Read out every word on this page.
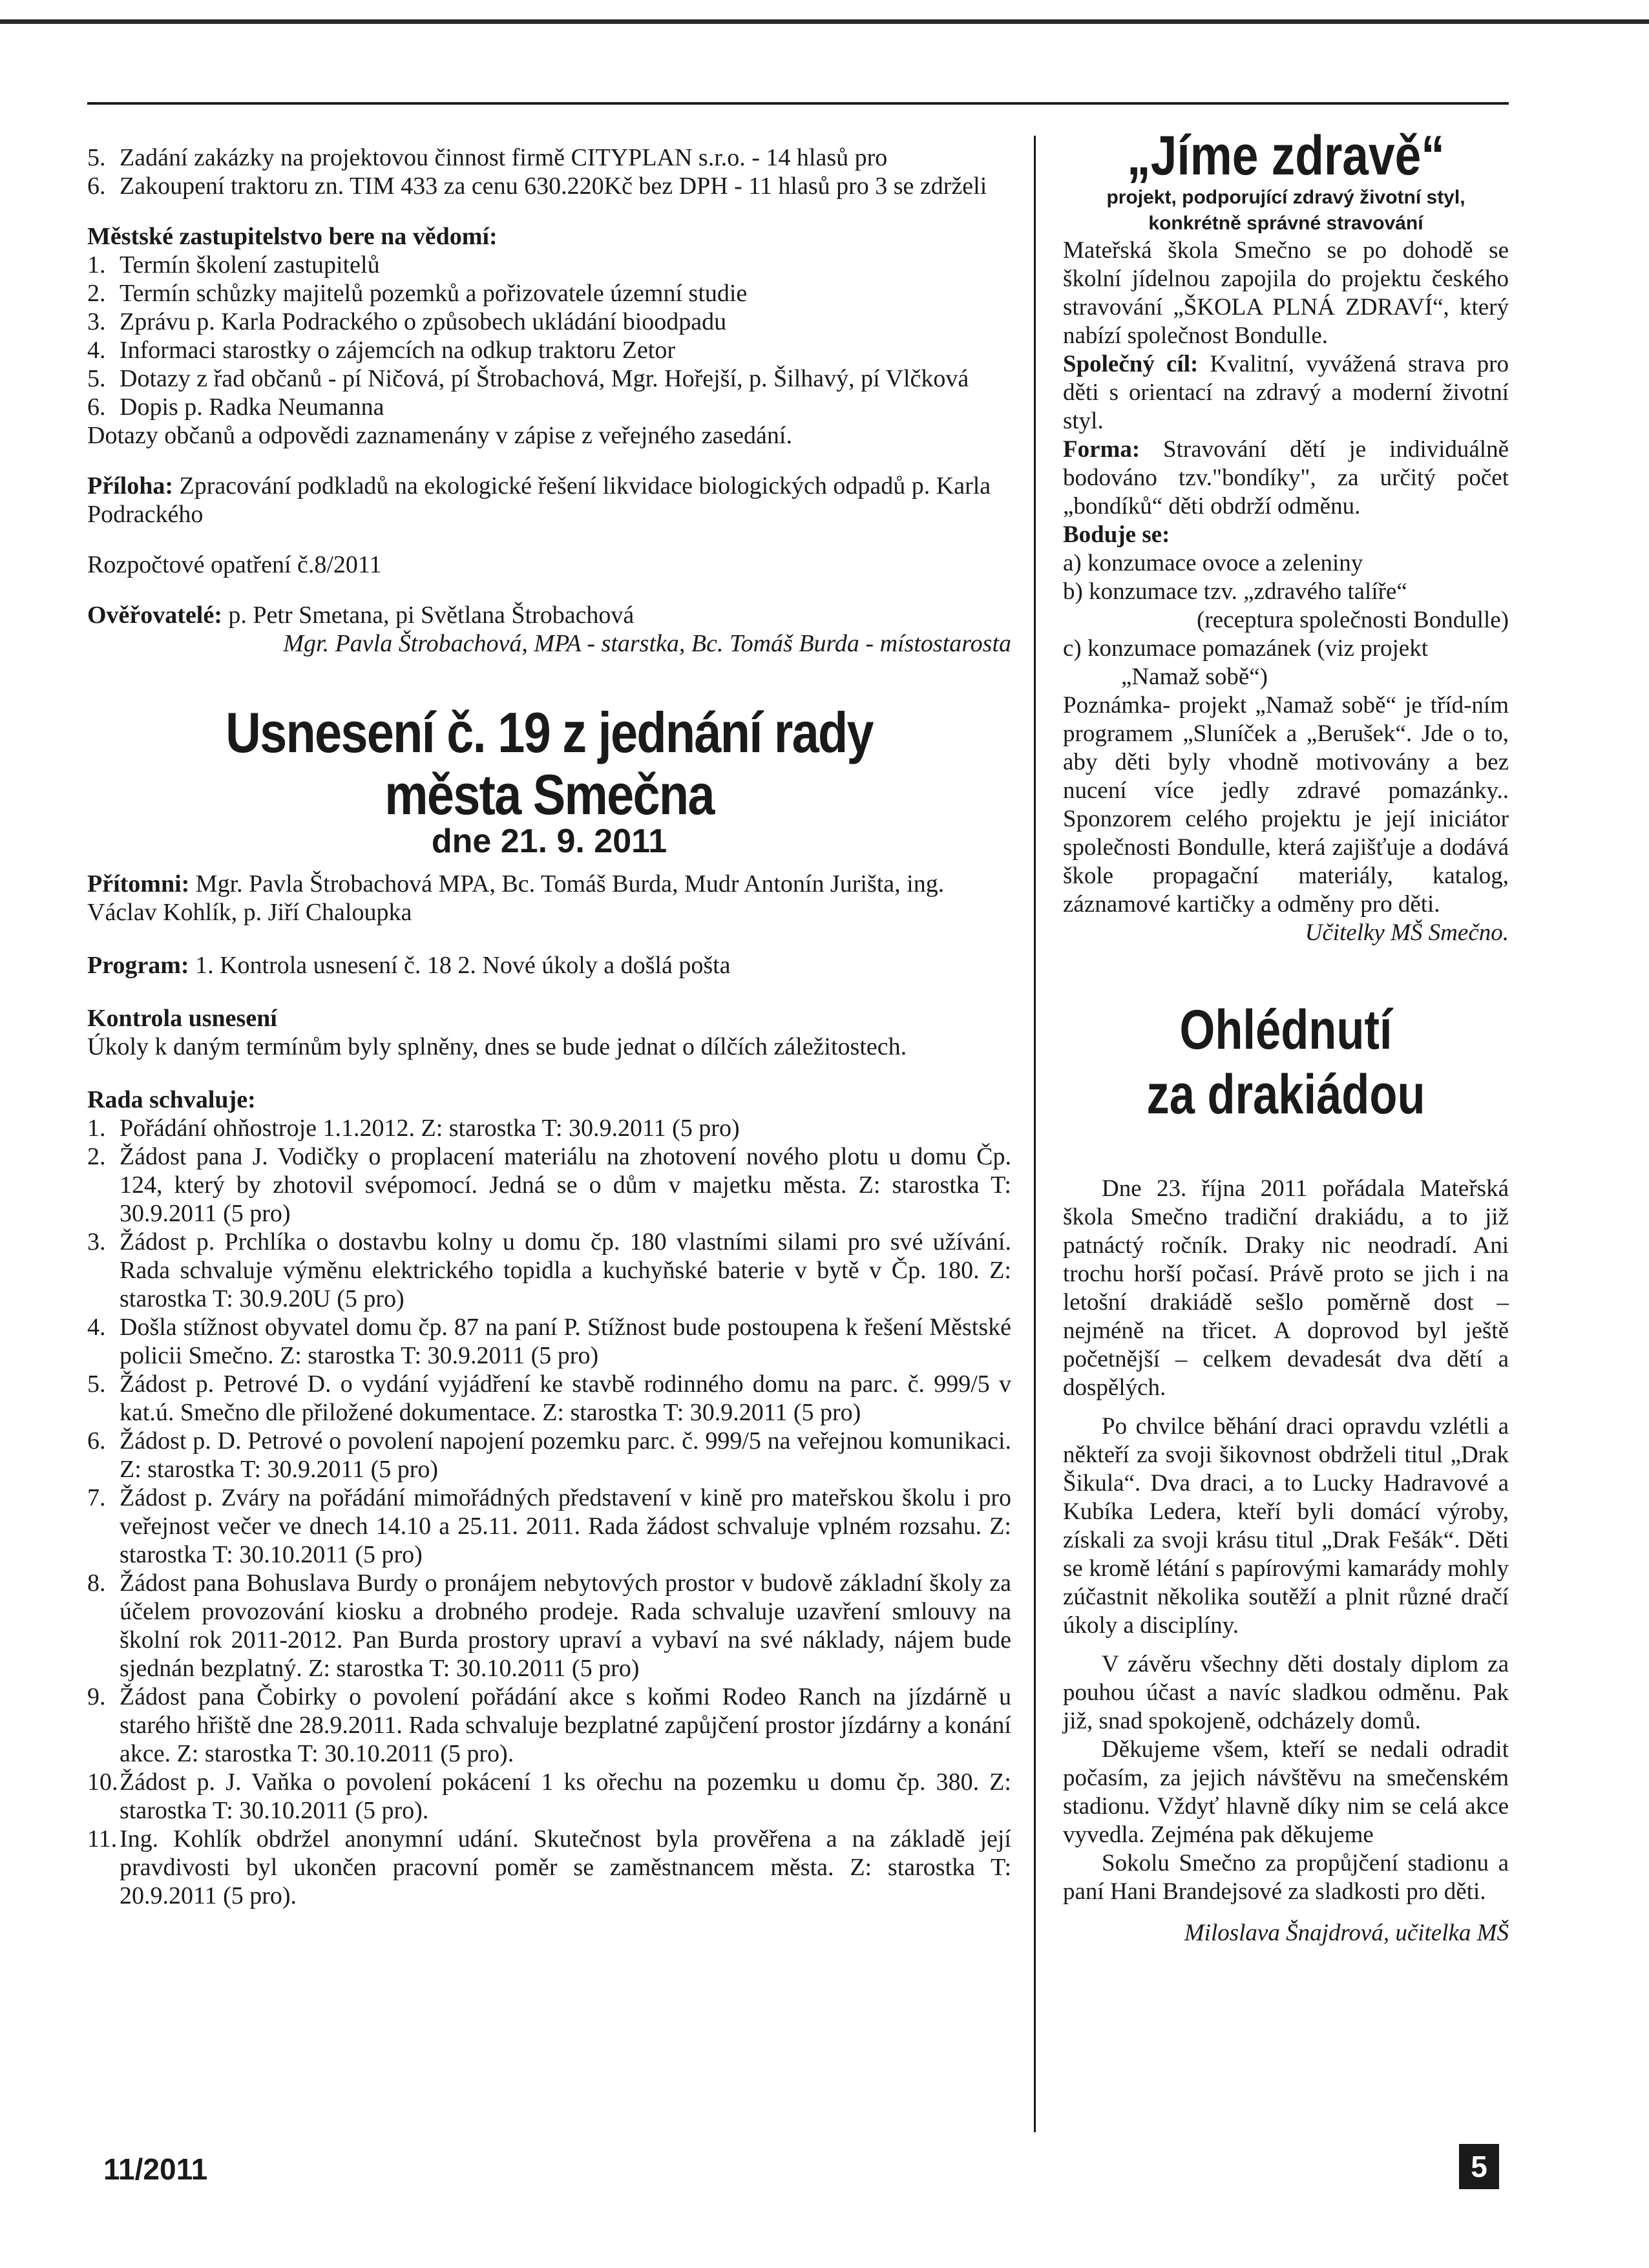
5. Zadání zakázky na projektovou činnost firmě CITYPLAN s.r.o. - 14 hlasů pro
6. Zakoupení traktoru zn. TIM 433 za cenu 630.220Kč bez DPH - 11 hlasů pro 3 se zdrželi

Městské zastupitelstvo bere na vědomí:

1. Termín školení zastupitelů
2. Termín schůzky majitelů pozemků a pořizovatele územní studie
3. Zprávu p. Karla Podrackého o způsobech ukládání bioodpadu
4. Informaci starostky o zájemcích na odkup traktoru Zetor
5. Dotazy z řad občanů - pí Ničová, pí Štrobachová, Mgr. Hořejší, p. Šilhavý, pí Vlčková
6. Dopis p. Radka Neumanna

Dotazy občanů a odpovědi zaznamenány v zápise z veřejného zasedání.

Příloha: Zpracování podkladů na ekologické řešení likvidace biologických odpadů p. Karla Podrackého

Rozpočtové opatření č.8/2011

Ověřovatelé: p. Petr Smetana, pi Světlana Štrobachová

Mgr. Pavla Štrobachová, MPA - starstka, Bc. Tomáš Burda - místostarosta

Usnesení č. 19 z jednání rady města Smečna
dne 21. 9. 2011

Přítomni: Mgr. Pavla Štrobachová MPA, Bc. Tomáš Burda, Mudr Antonín Jurišta, ing. Václav Kohlík, p. Jiří Chaloupka

Program: 1. Kontrola usnesení č. 18 2. Nové úkoly a došlá pošta

Kontrola usnesení

Úkoly k daným termínům byly splněny, dnes se bude jednat o dílčích záležitostech.

Rada schvaluje:

1. Pořádání ohňostroje 1.1.2012. Z: starostka T: 30.9.2011 (5 pro)
2. Žádost pana J. Vodičky o proplacení materiálu na zhotovení nového plotu u domu Čp. 124, který by zhotovil svépomocí. Jedná se o dům v majetku města. Z: starostka T: 30.9.2011 (5 pro)
3. Žádost p. Prchlíka o dostavbu kolny u domu čp. 180 vlastními silami pro své užívání. Rada schvaluje výměnu elektrického topidla a kuchyňské baterie v bytě v Čp. 180. Z: starostka T: 30.9.20U (5 pro)
4. Došla stížnost obyvatel domu čp. 87 na paní P. Stížnost bude postoupena k řešení Městské policii Smečno. Z: starostka T: 30.9.2011 (5 pro)
5. Žádost p. Petrové D. o vydání vyjádření ke stavbě rodinného domu na parc. č. 999/5 v kat.ú. Smečno dle přiložené dokumentace. Z: starostka T: 30.9.2011 (5 pro)
6. Žádost p. D. Petrové o povolení napojení pozemku parc. č. 999/5 na veřejnou komunikaci. Z: starostka T: 30.9.2011 (5 pro)
7. Žádost p. Zváry na pořádání mimořádných představení v kině pro mateřskou školu i pro veřejnost večer ve dnech 14.10 a 25.11. 2011. Rada žádost schvaluje vplném rozsahu. Z: starostka T: 30.10.2011 (5 pro)
8. Žádost pana Bohuslava Burdy o pronájem nebytových prostor v budově základní školy za účelem provozování kiosku a drobného prodeje. Rada schvaluje uzavření smlouvy na školní rok 2011-2012. Pan Burda prostory upraví a vybaví na své náklady, nájem bude sjednán bezplatný. Z: starostka T: 30.10.2011 (5 pro)
9. Žádost pana Čobirky o povolení pořádání akce s koňmi Rodeo Ranch na jízdárně u starého hřiště dne 28.9.2011. Rada schvaluje bezplatné zapůjčení prostor jízdárny a konání akce. Z: starostka T: 30.10.2011 (5 pro).
10. Žádost p. J. Vaňka o povolení pokácení 1 ks ořechu na pozemku u domu čp. 380. Z: starostka T: 30.10.2011 (5 pro).
11. Ing. Kohlík obdržel anonymní udání. Skutečnost byla prověřena a na základě její pravdivosti byl ukončen pracovní poměr se zaměstnancem města. Z: starostka T: 20.9.2011 (5 pro).
„Jíme zdravě“
projekt, podporující zdravý životní styl, konkrétně správné stravování

Mateřská škola Smečno se po dohodě se školní jídelnou zapojila do projektu českého stravování „ŠKOLA PLNÁ ZDRAVÍ“, který nabízí společnost Bondulle.

Společný cíl: Kvalitní, vyvážená strava pro děti s orientací na zdravý a moderní životní styl.

Forma: Stravování dětí je individuálně bodováno tzv."bondíky", za určitý počet „bondíků“ děti obdrží odměnu.

Boduje se:

a) konzumace ovoce a zeleniny

b) konzumace tzv. „zdravého talíře“

(receptura společnosti Bondulle)

c) konzumace pomazánek (viz projekt

„Namaž sobě“)

Poznámka- projekt „Namaž sobě“ je tříd-ním programem „Sluníček a „Berušek“. Jde o to, aby děti byly vhodně motivovány a bez nucení více jedly zdravé pomazánky.. Sponzorem celého projektu je její iniciátor společnosti Bondulle, která zajišťuje a dodává škole propagační materiály, katalog, záznamové kartičky a odměny pro děti.

Učitelky MŠ Smečno.

Ohlédnutí
za drakiádou

Dne 23. října 2011 pořádala Mateřská škola Smečno tradiční drakiádu, a to již patnáctý ročník. Draky nic neodradí. Ani trochu horší počasí. Právě proto se jich i na letošní drakiádě sešlo poměrně dost – nejméně na třicet. A doprovod byl ještě početnější – celkem devadesát dva dětí a dospělých.

Po chvilce běhání draci opravdu vzlétli a někteří za svoji šikovnost obdrželi titul „Drak Šikula“. Dva draci, a to Lucky Hadravové a Kubíka Ledera, kteří byli domácí výroby, získali za svoji krásu titul „Drak Fešák“. Děti se kromě létání s papírovými kamarády mohly zúčastnit několika soutěží a plnit různé dračí úkoly a disciplíny.

V závěru všechny děti dostaly diplom za pouhou účast a navíc sladkou odměnu. Pak již, snad spokojeně, odcházely domů.

Děkujeme všem, kteří se nedali odradit počasím, za jejich návštěvu na smečenském stadionu. Vždyť hlavně díky nim se celá akce vyvedla. Zejména pak děkujeme

Sokolu Smečno za propůjčení stadionu a paní Hani Brandejsové za sladkosti pro děti.

Miloslava Šnajdrová, učitelka MŠ

11/2011	5
